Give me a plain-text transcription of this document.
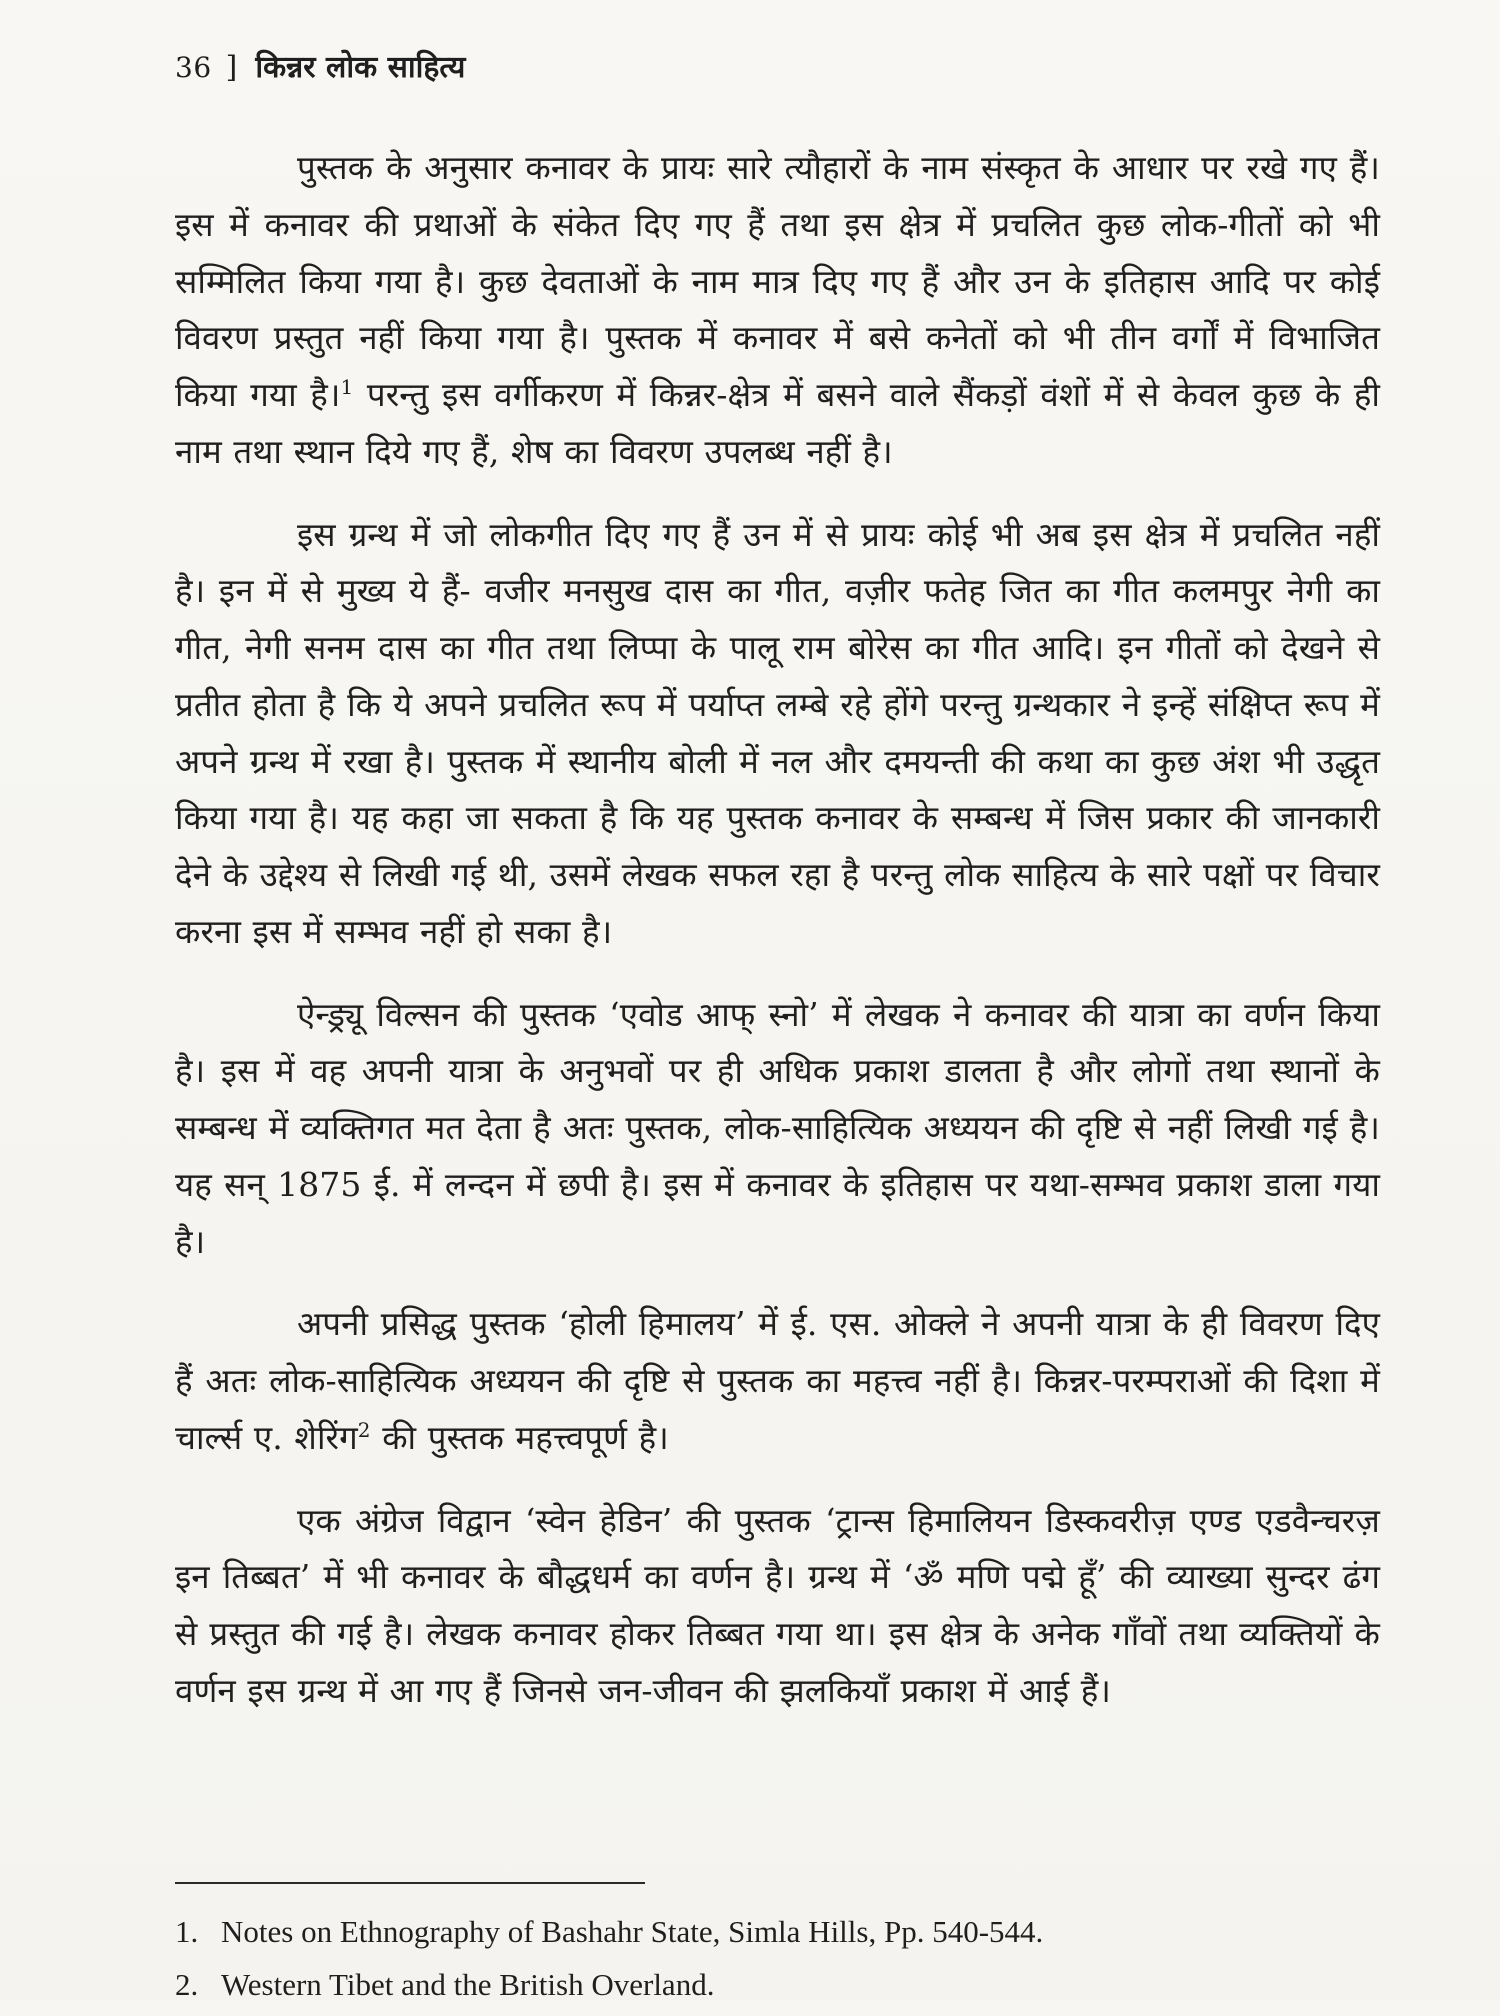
36 ] किन्नर लोक साहित्य

पुस्तक के अनुसार कनावर के प्रायः सारे त्यौहारों के नाम संस्कृत के आधार पर रखे गए हैं। इस में कनावर की प्रथाओं के संकेत दिए गए हैं तथा इस क्षेत्र में प्रचलित कुछ लोक-गीतों को भी सम्मिलित किया गया है। कुछ देवताओं के नाम मात्र दिए गए हैं और उन के इतिहास आदि पर कोई विवरण प्रस्तुत नहीं किया गया है। पुस्तक में कनावर में बसे कनेतों को भी तीन वर्गों में विभाजित किया गया है।$^1$ परन्तु इस वर्गीकरण में किन्नर-क्षेत्र में बसने वाले सैंकड़ों वंशों में से केवल कुछ के ही नाम तथा स्थान दिये गए हैं, शेष का विवरण उपलब्ध नहीं है।

इस ग्रन्थ में जो लोकगीत दिए गए हैं उन में से प्रायः कोई भी अब इस क्षेत्र में प्रचलित नहीं है। इन में से मुख्य ये हैं- वजीर मनसुख दास का गीत, वज़ीर फतेह जित का गीत कलमपुर नेगी का गीत, नेगी सनम दास का गीत तथा लिप्पा के पालू राम बोरेस का गीत आदि। इन गीतों को देखने से प्रतीत होता है कि ये अपने प्रचलित रूप में पर्याप्त लम्बे रहे होंगे परन्तु ग्रन्थकार ने इन्हें संक्षिप्त रूप में अपने ग्रन्थ में रखा है। पुस्तक में स्थानीय बोली में नल और दमयन्ती की कथा का कुछ अंश भी उद्धृत किया गया है। यह कहा जा सकता है कि यह पुस्तक कनावर के सम्बन्ध में जिस प्रकार की जानकारी देने के उद्देश्य से लिखी गई थी, उसमें लेखक सफल रहा है परन्तु लोक साहित्य के सारे पक्षों पर विचार करना इस में सम्भव नहीं हो सका है।

ऐन्ड्र्यू विल्सन की पुस्तक ‘एवोड आफ् स्नो’ में लेखक ने कनावर की यात्रा का वर्णन किया है। इस में वह अपनी यात्रा के अनुभवों पर ही अधिक प्रकाश डालता है और लोगों तथा स्थानों के सम्बन्ध में व्यक्तिगत मत देता है अतः पुस्तक, लोक-साहित्यिक अध्ययन की दृष्टि से नहीं लिखी गई है। यह सन् 1875 ई. में लन्दन में छपी है। इस में कनावर के इतिहास पर यथा-सम्भव प्रकाश डाला गया है।

अपनी प्रसिद्ध पुस्तक ‘होली हिमालय’ में ई. एस. ओक्ले ने अपनी यात्रा के ही विवरण दिए हैं अतः लोक-साहित्यिक अध्ययन की दृष्टि से पुस्तक का महत्त्व नहीं है। किन्नर-परम्पराओं की दिशा में चार्ल्स ए. शेरिंग$^2$ की पुस्तक महत्त्वपूर्ण है।

एक अंग्रेज विद्वान ‘स्वेन हेडिन’ की पुस्तक ‘ट्रान्स हिमालियन डिस्कवरीज़ एण्ड एडवैन्चरज़ इन तिब्बत’ में भी कनावर के बौद्धधर्म का वर्णन है। ग्रन्थ में ‘ॐ मणि पद्मे हूँ’ की व्याख्या सुन्दर ढंग से प्रस्तुत की गई है। लेखक कनावर होकर तिब्बत गया था। इस क्षेत्र के अनेक गाँवों तथा व्यक्तियों के वर्णन इस ग्रन्थ में आ गए हैं जिनसे जन-जीवन की झलकियाँ प्रकाश में आई हैं।

1. Notes on Ethnography of Bashahr State, Simla Hills, Pp. 540-544.
2. Western Tibet and the British Overland.
